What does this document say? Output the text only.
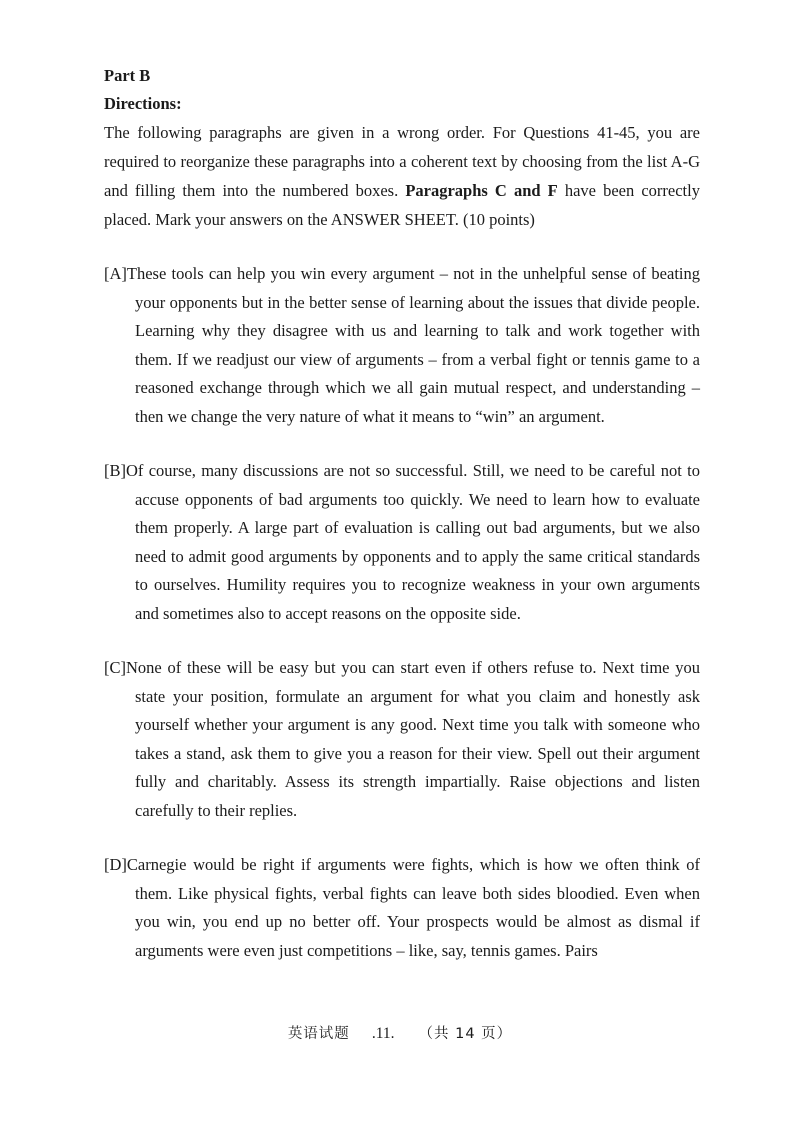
Part B

Directions:

The following paragraphs are given in a wrong order. For Questions 41-45, you are required to reorganize these paragraphs into a coherent text by choosing from the list A-G and filling them into the numbered boxes. Paragraphs C and F have been correctly placed. Mark your answers on the ANSWER SHEET. (10 points)

[A]These tools can help you win every argument – not in the unhelpful sense of beating your opponents but in the better sense of learning about the issues that divide people. Learning why they disagree with us and learning to talk and work together with them. If we readjust our view of arguments – from a verbal fight or tennis game to a reasoned exchange through which we all gain mutual respect, and understanding – then we change the very nature of what it means to “win” an argument.

[B]Of course, many discussions are not so successful. Still, we need to be careful not to accuse opponents of bad arguments too quickly. We need to learn how to evaluate them properly. A large part of evaluation is calling out bad arguments, but we also need to admit good arguments by opponents and to apply the same critical standards to ourselves. Humility requires you to recognize weakness in your own arguments and sometimes also to accept reasons on the opposite side.

[C]None of these will be easy but you can start even if others refuse to. Next time you state your position, formulate an argument for what you claim and honestly ask yourself whether your argument is any good. Next time you talk with someone who takes a stand, ask them to give you a reason for their view. Spell out their argument fully and charitably. Assess its strength impartially. Raise objections and listen carefully to their replies.

[D]Carnegie would be right if arguments were fights, which is how we often think of them. Like physical fights, verbal fights can leave both sides bloodied. Even when you win, you end up no better off. Your prospects would be almost as dismal if arguments were even just competitions – like, say, tennis games. Pairs

英语试题 .11. （共 14 页）
